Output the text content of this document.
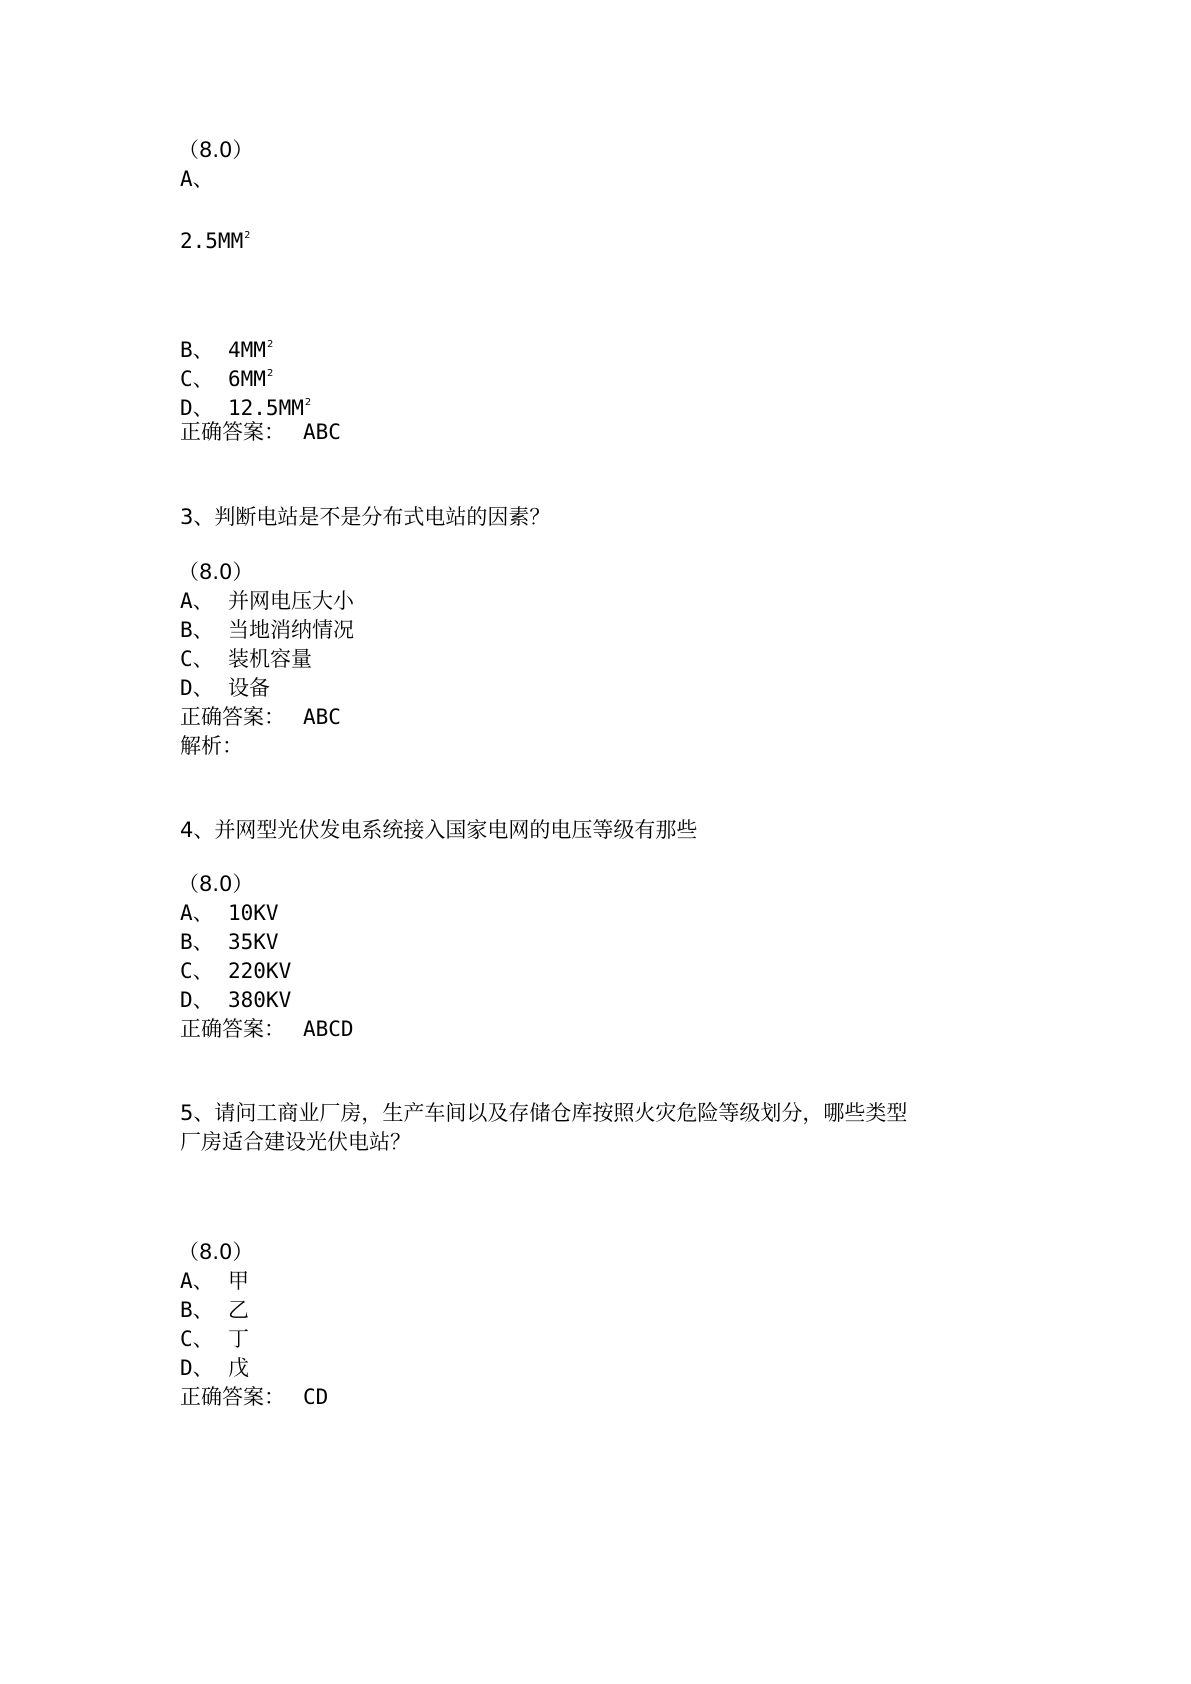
（8.0）
A、
$2.5MM^2$
B、 $4MM^2$
C、 $6MM^2$
D、 $12.5MM^2$
正确答案： ABC
3、判断电站是不是分布式电站的因素？
（8.0）
A、 并网电压大小
B、 当地消纳情况
C、 装机容量
D、 设备
正确答案： ABC
解析：
4、并网型光伏发电系统接入国家电网的电压等级有那些
（8.0）
A、 10KV
B、 35KV
C、 220KV
D、 380KV
正确答案： ABCD
5、请问工商业厂房，生产车间以及存储仓库按照火灾危险等级划分，哪些类型
厂房适合建设光伏电站？
（8.0）
A、 甲
B、 乙
C、 丁
D、 戊
正确答案： CD
